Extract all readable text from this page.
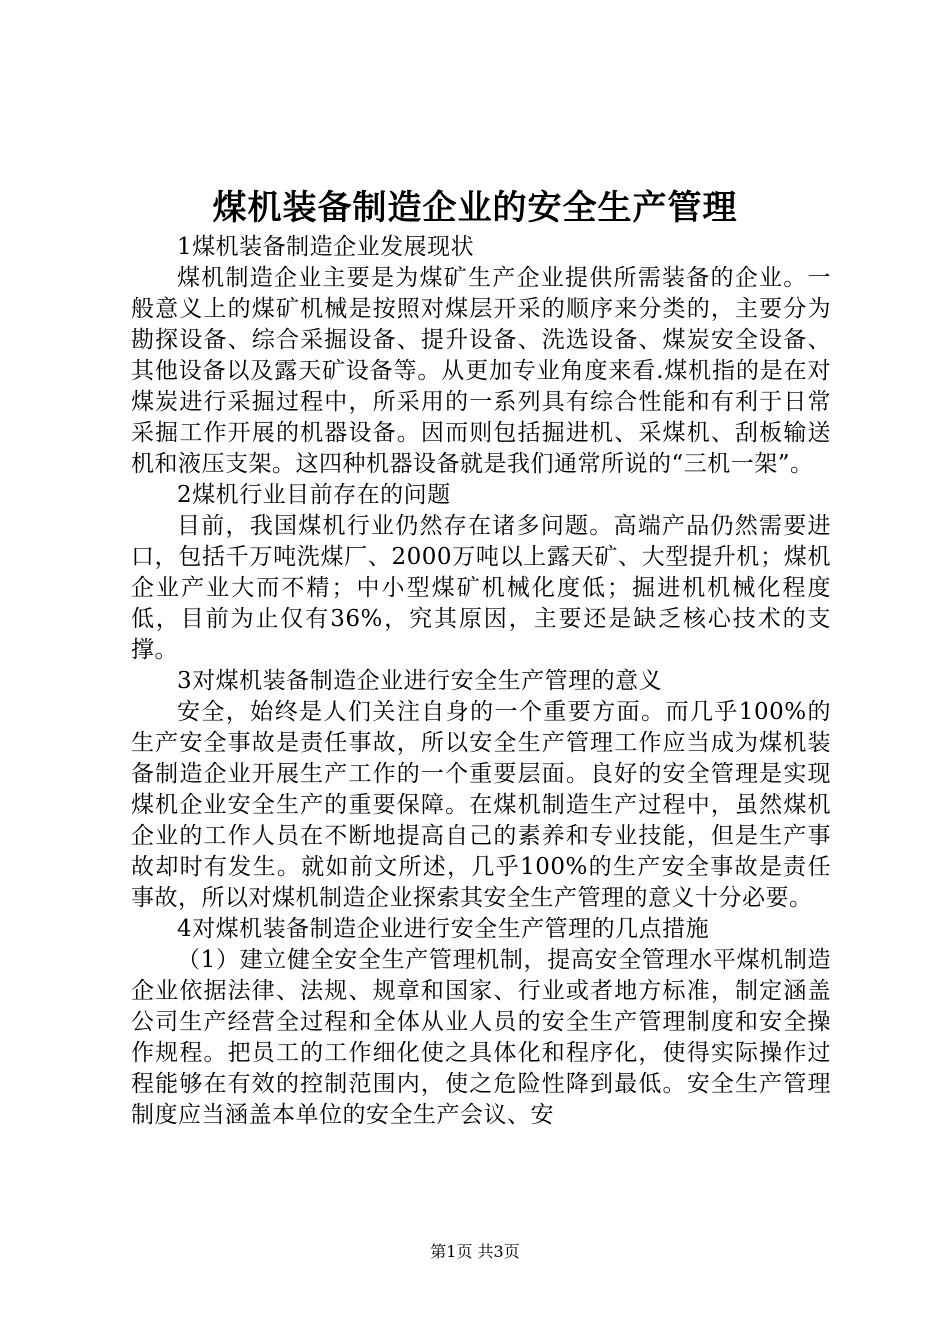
煤机装备制造企业的安全生产管理

1煤机装备制造企业发展现状

煤机制造企业主要是为煤矿生产企业提供所需装备的企业。一般意义上的煤矿机械是按照对煤层开采的顺序来分类的，主要分为勘探设备、综合采掘设备、提升设备、洗选设备、煤炭安全设备、其他设备以及露天矿设备等。从更加专业角度来看.煤机指的是在对煤炭进行采掘过程中，所采用的一系列具有综合性能和有利于日常采掘工作开展的机器设备。因而则包括掘进机、采煤机、刮板输送机和液压支架。这四种机器设备就是我们通常所说的“三机一架”。

2煤机行业目前存在的问题

目前，我国煤机行业仍然存在诸多问题。高端产品仍然需要进口，包括千万吨洗煤厂、2000万吨以上露天矿、大型提升机；煤机企业产业大而不精；中小型煤矿机械化度低；掘进机机械化程度低，目前为止仅有36%，究其原因，主要还是缺乏核心技术的支撑。

3对煤机装备制造企业进行安全生产管理的意义

安全，始终是人们关注自身的一个重要方面。而几乎100%的生产安全事故是责任事故，所以安全生产管理工作应当成为煤机装备制造企业开展生产工作的一个重要层面。良好的安全管理是实现煤机企业安全生产的重要保障。在煤机制造生产过程中，虽然煤机企业的工作人员在不断地提高自己的素养和专业技能，但是生产事故却时有发生。就如前文所述，几乎100%的生产安全事故是责任事故，所以对煤机制造企业探索其安全生产管理的意义十分必要。

4对煤机装备制造企业进行安全生产管理的几点措施

（1）建立健全安全生产管理机制，提高安全管理水平煤机制造企业依据法律、法规、规章和国家、行业或者地方标准，制定涵盖公司生产经营全过程和全体从业人员的安全生产管理制度和安全操作规程。把员工的工作细化使之具体化和程序化，使得实际操作过程能够在有效的控制范围内，使之危险性降到最低。安全生产管理制度应当涵盖本单位的安全生产会议、安

第1页 共3页
